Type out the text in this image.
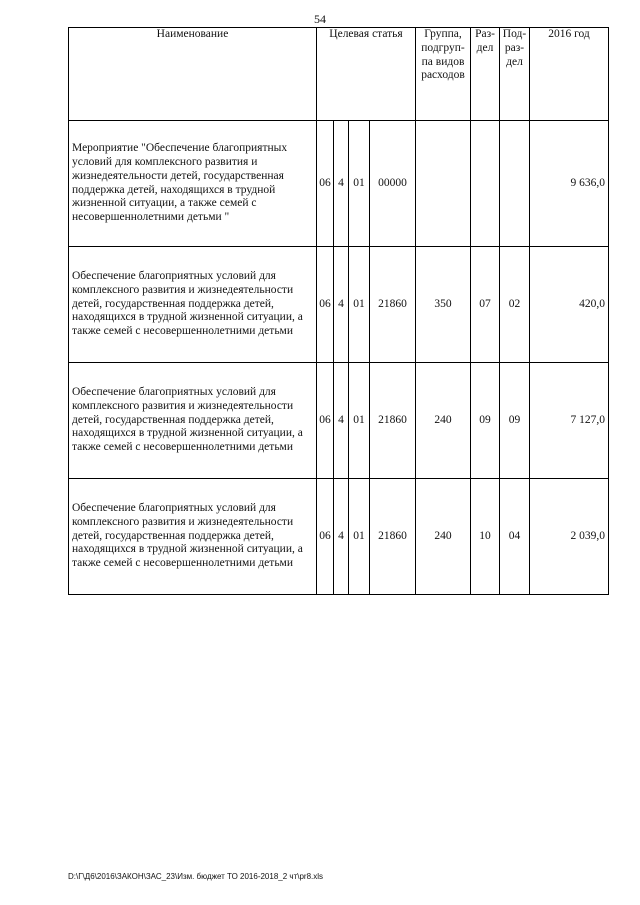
54
Наименование	Целевая статья				Группа, подгруп-па видов расходов	Раз-дел	Под-раз-дел	2016 год
Мероприятие "Обеспечение благоприятных условий для комплексного развития и жизнедеятельности детей, государственная поддержка детей, находящихся в трудной жизненной ситуации, а также семей с несовершеннолетними детьми "	06	4	01	00000				9 636,0
Обеспечение благоприятных условий для комплексного развития и жизнедеятельности детей, государственная поддержка детей, находящихся в трудной жизненной ситуации, а также семей с несовершеннолетними детьми	06	4	01	21860	350	07	02	420,0
Обеспечение благоприятных условий для комплексного развития и жизнедеятельности детей, государственная поддержка детей, находящихся в трудной жизненной ситуации, а также семей с несовершеннолетними детьми	06	4	01	21860	240	09	09	7 127,0
Обеспечение благоприятных условий для комплексного развития и жизнедеятельности детей, государственная поддержка детей, находящихся в трудной жизненной ситуации, а также семей с несовершеннолетними детьми	06	4	01	21860	240	10	04	2 039,0
D:\Г\Д6\2016\ЗАКОН\ЗАС_23\Изм. бюджет ТО 2016-2018_2 чт\pr8.xls
